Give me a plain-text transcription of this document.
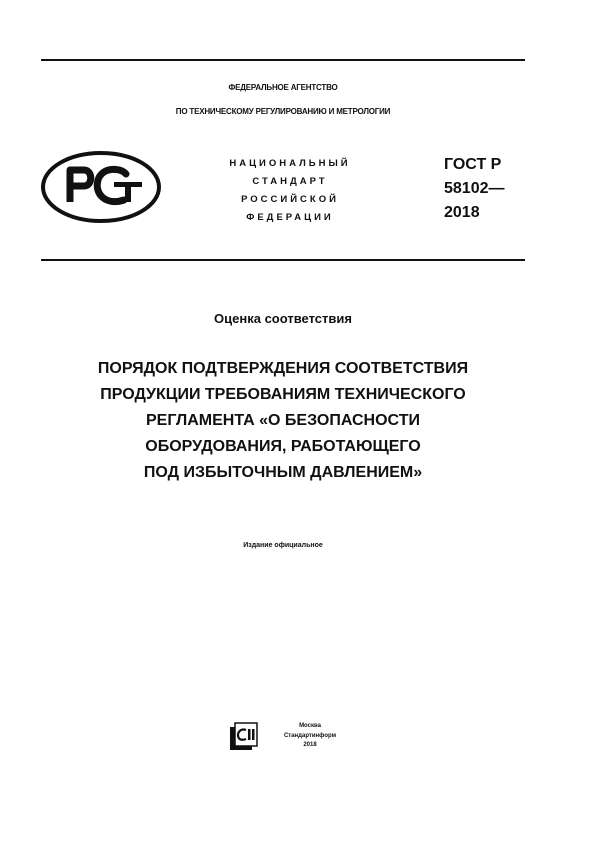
ФЕДЕРАЛЬНОЕ АГЕНТСТВО
ПО ТЕХНИЧЕСКОМУ РЕГУЛИРОВАНИЮ И МЕТРОЛОГИИ
НАЦИОНАЛЬНЫЙ
СТАНДАРТ
РОССИЙСКОЙ
ФЕДЕРАЦИИ
ГОСТ Р
58102—
2018
Оценка соответствия
ПОРЯДОК ПОДТВЕРЖДЕНИЯ СООТВЕТСТВИЯ
ПРОДУКЦИИ ТРЕБОВАНИЯМ ТЕХНИЧЕСКОГО
РЕГЛАМЕНТА «О БЕЗОПАСНОСТИ
ОБОРУДОВАНИЯ, РАБОТАЮЩЕГО
ПОД ИЗБЫТОЧНЫМ ДАВЛЕНИЕМ»
Издание официальное
Москва
Стандартинформ
2018
